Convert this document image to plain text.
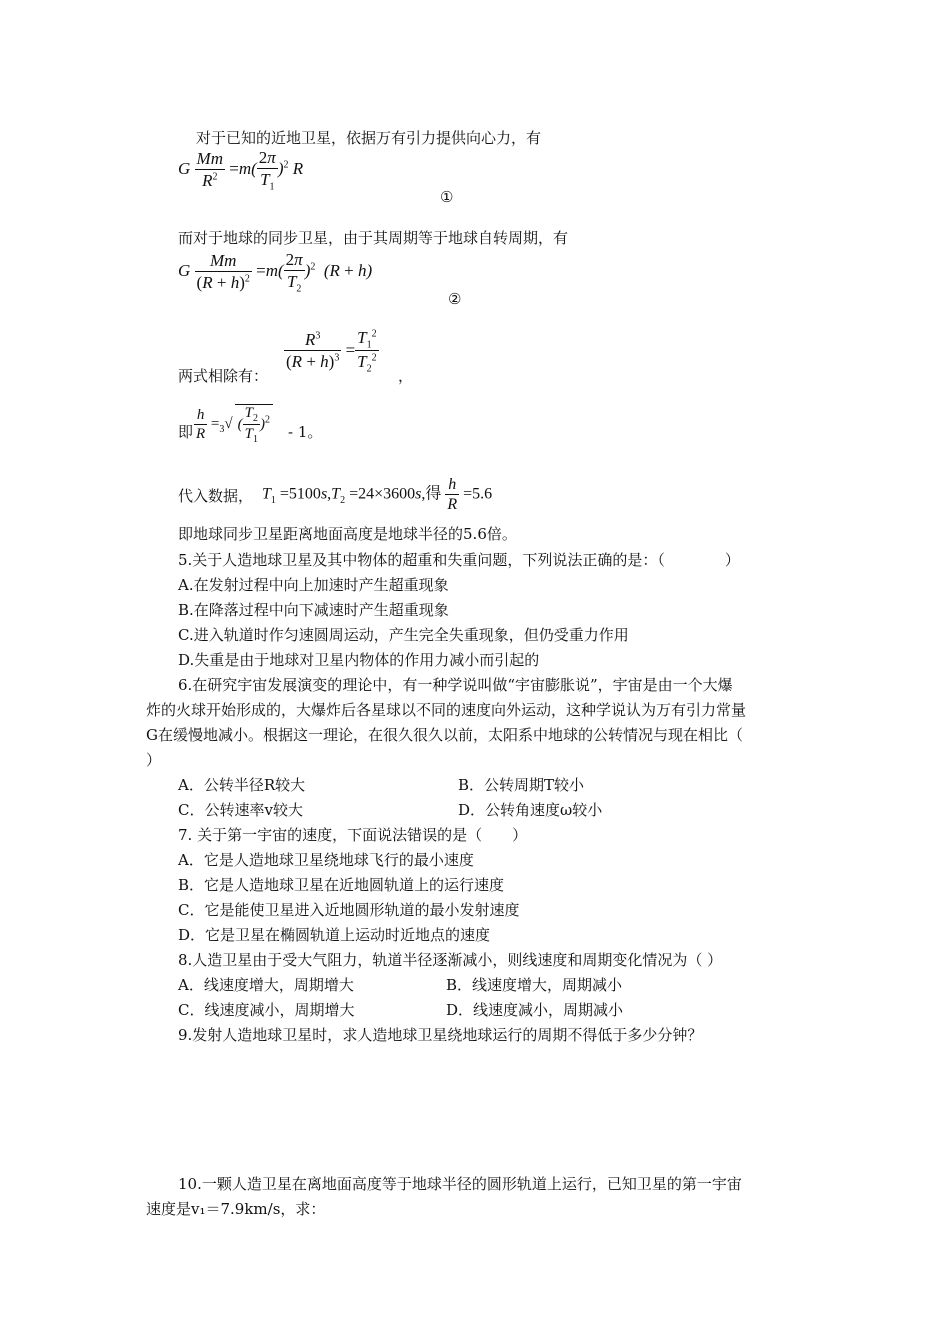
对于已知的近地卫星，依据万有引力提供向心力，有
G $\frac{Mm}{R^2} =m( \frac{2\pi}{T_1} )^2$ R
①
而对于地球的同步卫星，由于其周期等于地球自转周期，有
G $\frac{Mm}{(R + h)^2} =m( \frac{2\pi}{T_2} )^2$  (R + h)
②
两式相除有：
$\frac{R^3}{(R + h)^3} = \frac{T_1^2}{T_2^2}$
，
即 $\frac{h}{R} =_3√$ ( $\frac{T_2}{T_1} )^2$
- 1。
代入数据， $T_1 =5100s,T_2 =24\times 3600s$,得 $\frac{h}{R} =5.6$
即地球同步卫星距离地面高度是地球半径的5.6倍。
5.关于人造地球卫星及其中物体的超重和失重问题，下列说法正确的是：（　　　　）
A.在发射过程中向上加速时产生超重现象
B.在降落过程中向下减速时产生超重现象
C.进入轨道时作匀速圆周运动，产生完全失重现象，但仍受重力作用
D.失重是由于地球对卫星内物体的作用力减小而引起的
6.在研究宇宙发展演变的理论中，有一种学说叫做“宇宙膨胀说”，宇宙是由一个大爆
炸的火球开始形成的，大爆炸后各星球以不同的速度向外运动，这种学说认为万有引力常量
G在缓慢地减小。根据这一理论，在很久很久以前，太阳系中地球的公转情况与现在相比（
）
A．公转半径R较大	B．公转周期T较小
C．公转速率v较大	D．公转角速度ω较小
7. 关于第一宇宙的速度，下面说法错误的是（　　）
A．它是人造地球卫星绕地球飞行的最小速度
B．它是人造地球卫星在近地圆轨道上的运行速度
C．它是能使卫星进入近地圆形轨道的最小发射速度
D．它是卫星在椭圆轨道上运动时近地点的速度
8.人造卫星由于受大气阻力，轨道半径逐渐减小，则线速度和周期变化情况为（ ）
A．线速度增大，周期增大	B．线速度增大，周期减小
C．线速度减小，周期增大	D．线速度减小，周期减小
9.发射人造地球卫星时，求人造地球卫星绕地球运行的周期不得低于多少分钟？
10.一颗人造卫星在离地面高度等于地球半径的圆形轨道上运行，已知卫星的第一宇宙
速度是v₁＝7.9km/s，求：
